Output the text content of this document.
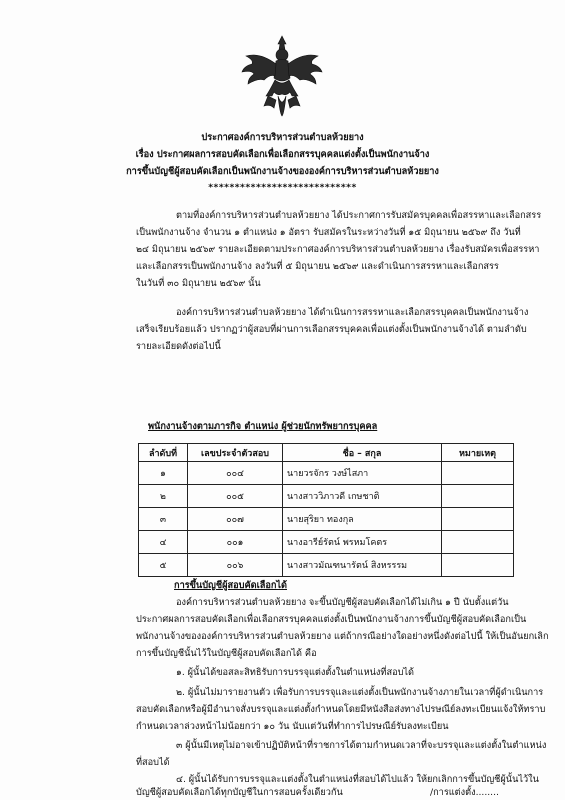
ประกาศองค์การบริหารส่วนตำบลห้วยยาง
เรื่อง ประกาศผลการสอบคัดเลือกเพื่อเลือกสรรบุคคลแต่งตั้งเป็นพนักงานจ้าง
การขึ้นบัญชีผู้สอบคัดเลือกเป็นพนักงานจ้างขององค์การบริหารส่วนตำบลห้วยยาง
****************************
ตามที่องค์การบริหารส่วนตำบลห้วยยาง ได้ประกาศการรับสมัครบุคคลเพื่อสรรหาและเลือกสรร
เป็นพนักงานจ้าง จำนวน ๑ ตำแหน่ง ๑ อัตรา รับสมัครในระหว่างวันที่ ๑๕ มิถุนายน ๒๕๖๙ ถึง วันที่
๒๔ มิถุนายน ๒๕๖๙ รายละเอียดตามประกาศองค์การบริหารส่วนตำบลห้วยยาง เรื่องรับสมัครเพื่อสรรหา
และเลือกสรรเป็นพนักงานจ้าง ลงวันที่ ๕ มิถุนายน ๒๕๖๙ และดำเนินการสรรหาและเลือกสรร
ในวันที่ ๓๐ มิถุนายน ๒๕๖๙ นั้น
องค์การบริหารส่วนตำบลห้วยยาง ได้ดำเนินการสรรหาและเลือกสรรบุคคลเป็นพนักงานจ้าง
เสร็จเรียบร้อยแล้ว ปรากฏว่าผู้สอบที่ผ่านการเลือกสรรบุคคลเพื่อแต่งตั้งเป็นพนักงานจ้างได้ ตามลำดับ
รายละเอียดดังต่อไปนี้
พนักงานจ้างตามภารกิจ ตำแหน่ง ผู้ช่วยนักทรัพยากรบุคคล
ลำดับที่	เลขประจำตัวสอบ	ชื่อ – สกุล	หมายเหตุ
๑	๐๐๔	นายวรจักร วงษ์ไสภา	
๒	๐๐๕	นางสาววิภาวดี เกษชาติ	
๓	๐๐๗	นายสุริยา ทองกุล	
๔	๐๐๑	นางอารีย์รัตน์ พรหมโคตร	
๕	๐๐๖	นางสาวมัณฑนารัตน์ สิงหรรรม	
การขึ้นบัญชีผู้สอบคัดเลือกได้
องค์การบริหารส่วนตำบลห้วยยาง จะขึ้นบัญชีผู้สอบคัดเลือกได้ไม่เกิน ๑ ปี นับตั้งแต่วัน
ประกาศผลการสอบคัดเลือกเพื่อเลือกสรรบุคคลแต่งตั้งเป็นพนักงานจ้างการขึ้นบัญชีผู้สอบคัดเลือกเป็น
พนักงานจ้างขององค์การบริหารส่วนตำบลห้วยยาง แต่ถ้ากรณีอย่างใดอย่างหนึ่งดังต่อไปนี้ ให้เป็นอันยกเลิก
การขึ้นบัญชีนั้นไว้ในบัญชีผู้สอบคัดเลือกได้ คือ
๑. ผู้นั้นได้ขอสละสิทธิรับการบรรจุแต่งตั้งในตำแหน่งที่สอบได้
๒. ผู้นั้นไม่มารายงานตัว เพื่อรับการบรรจุและแต่งตั้งเป็นพนักงานจ้างภายในเวลาที่ผู้ดำเนินการ
สอบคัดเลือกหรือผู้มีอำนาจสั่งบรรจุและแต่งตั้งกำหนดโดยมีหนังสือส่งทางไปรษณีย์ลงทะเบียนแจ้งให้ทราบ
กำหนดเวลาล่วงหน้าไม่น้อยกว่า ๑๐ วัน นับแต่วันที่ทำการไปรษณีย์รับลงทะเบียน
๓ ผู้นั้นมีเหตุไม่อาจเข้าปฏิบัติหน้าที่ราชการได้ตามกำหนดเวลาที่จะบรรจุและแต่งตั้งในตำแหน่ง
ที่สอบได้
๔. ผู้นั้นได้รับการบรรจุและแต่งตั้งในตำแหน่งที่สอบได้ไปแล้ว ให้ยกเลิกการขึ้นบัญชีผู้นั้นไว้ใน
บัญชีผู้สอบคัดเลือกได้ทุกบัญชีในการสอบครั้งเดียวกัน	/การแต่งตั้ง........
